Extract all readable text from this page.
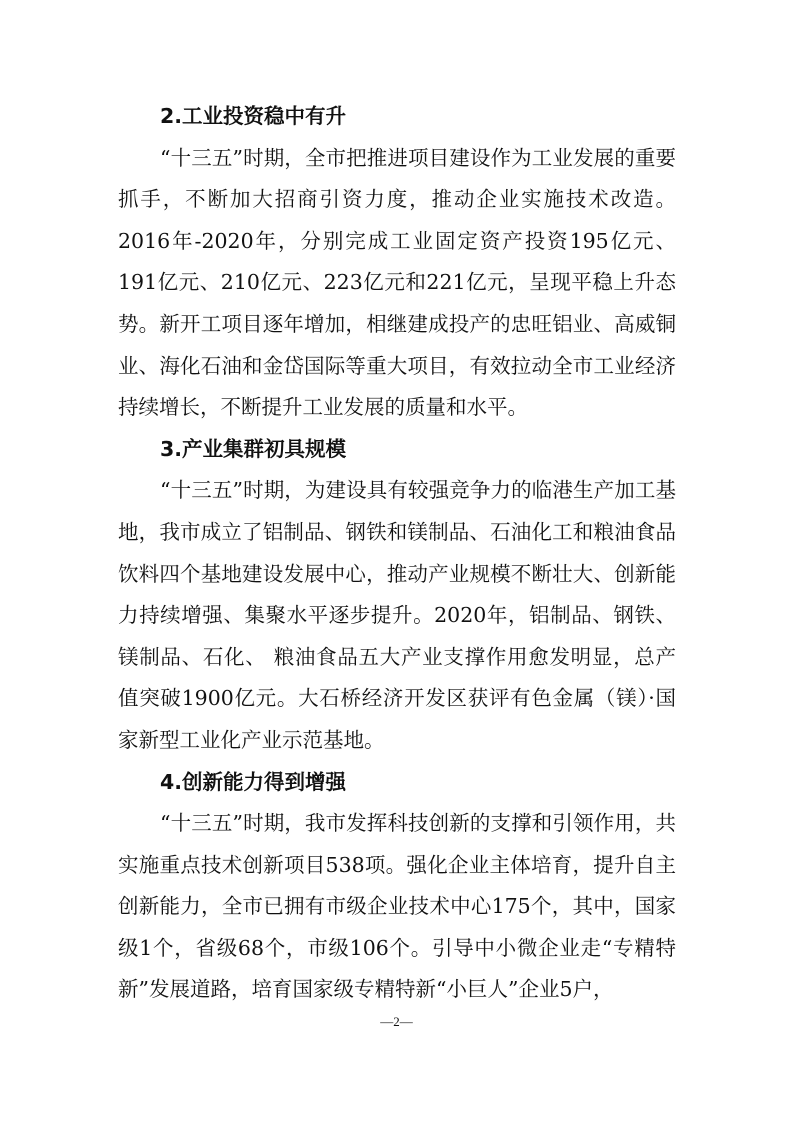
2.工业投资稳中有升

“十三五”时期，全市把推进项目建设作为工业发展的重要抓手，不断加大招商引资力度，推动企业实施技术改造。2016年-2020年，分别完成工业固定资产投资195亿元、191亿元、210亿元、223亿元和221亿元，呈现平稳上升态势。新开工项目逐年增加，相继建成投产的忠旺铝业、高威铜业、海化石油和金岱国际等重大项目，有效拉动全市工业经济持续增长，不断提升工业发展的质量和水平。

3.产业集群初具规模

“十三五”时期，为建设具有较强竞争力的临港生产加工基地，我市成立了铝制品、钢铁和镁制品、石油化工和粮油食品饮料四个基地建设发展中心，推动产业规模不断壮大、创新能力持续增强、集聚水平逐步提升。2020年，铝制品、钢铁、镁制品、石化、 粮油食品五大产业支撑作用愈发明显，总产值突破1900亿元。大石桥经济开发区获评有色金属（镁）·国家新型工业化产业示范基地。

4.创新能力得到增强

“十三五”时期，我市发挥科技创新的支撑和引领作用，共实施重点技术创新项目538项。强化企业主体培育，提升自主创新能力，全市已拥有市级企业技术中心175个，其中，国家级1个，省级68个，市级106个。引导中小微企业走“专精特新”发展道路，培育国家级专精特新“小巨人”企业5户，

—2—
